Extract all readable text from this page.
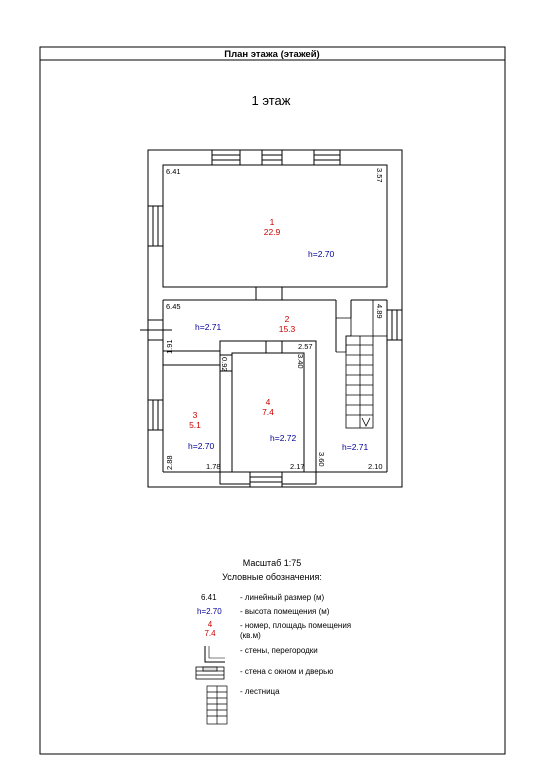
План этажа (этажей)
1 этаж
1
22.9
h=2.70
2
15.3
h=2.71
3
5.1
h=2.70
4
7.4
h=2.72
h=2.71
6.41	3.57
6.45	4.89
2.57
3.40
0.92
1.91
2.88	1.78	2.17 3.60	2.10
Масштаб 1:75
Условные обозначения:
6.41	- линейный размер (м)
h=2.70 - высота помещения (м)
4
7.4
- номер, площадь помещения
(кв.м)
- стены, перегородки
- стена с окном и дверью
- лестница
